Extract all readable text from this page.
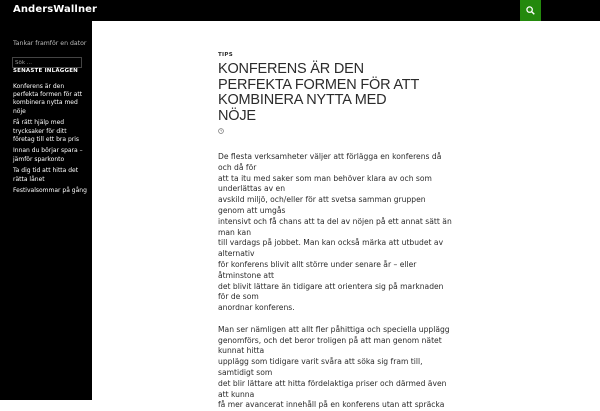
AndersWallner
Tankar framför en dator
Sök ...
SENASTE INLÄGGEN
Konferens är den perfekta formen för att kombinera nytta med nöje
Få rätt hjälp med trycksaker för ditt företag till ett bra pris
Innan du börjar spara – jämför sparkonto
Ta dig tid att hitta det rätta lånet
Festivalsommar på gång
TIPS
KONFERENS ÄR DEN PERFEKTA FORMEN FÖR ATT KOMBINERA NYTTA MED NÖJE
De flesta verksamheter väljer att förlägga en konferens då
och då för
att ta itu med saker som man behöver klara av och som
underlättas av en
avskild miljö, och/eller för att svetsa samman gruppen
genom att umgås
intensivt och få chans att ta del av nöjen på ett annat sätt än
man kan
till vardags på jobbet. Man kan också märka att utbudet av
alternativ
för konferens blivit allt större under senare år – eller
åtminstone att
det blivit lättare än tidigare att orientera sig på marknaden
för de som
anordnar konferens.
Man ser nämligen att allt fler påhittiga och speciella upplägg
genomförs, och det beror troligen på att man genom nätet
kunnat hitta
upplägg som tidigare varit svåra att söka sig fram till,
samtidigt som
det blir lättare att hitta fördelaktiga priser och därmed även
att kunna
få mer avancerat innehåll på en konferens utan att spräcka
